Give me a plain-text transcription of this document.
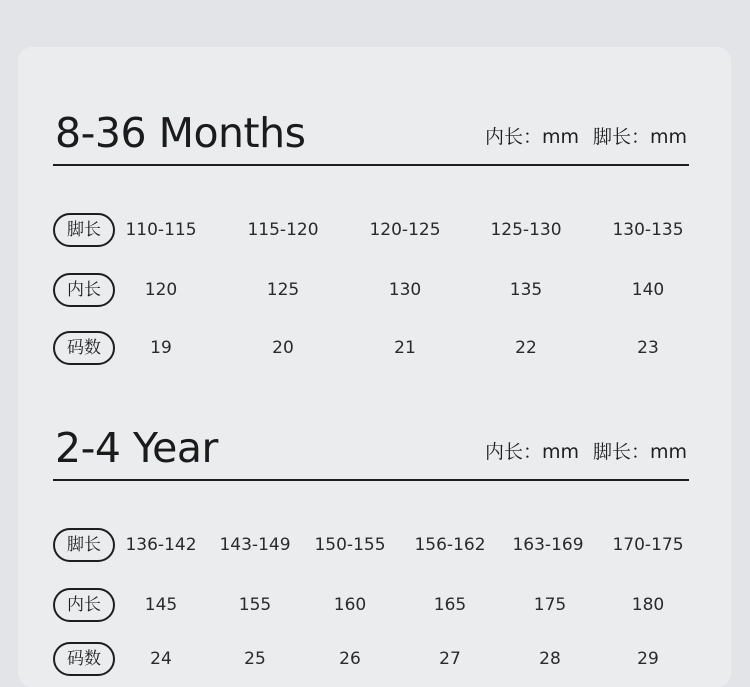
8-36 Months	内长：mm 脚长：mm
脚长	110-115	115-120	120-125	125-130	130-135
内长	120	125	130	135	140
码数	19	20	21	22	23
2-4 Year	内长：mm 脚长：mm
脚长	136-142 143-149 150-155 156-162 163-169 170-175
内长	145	155	160	165	175	180
码数	24	25	26	27	28	29
